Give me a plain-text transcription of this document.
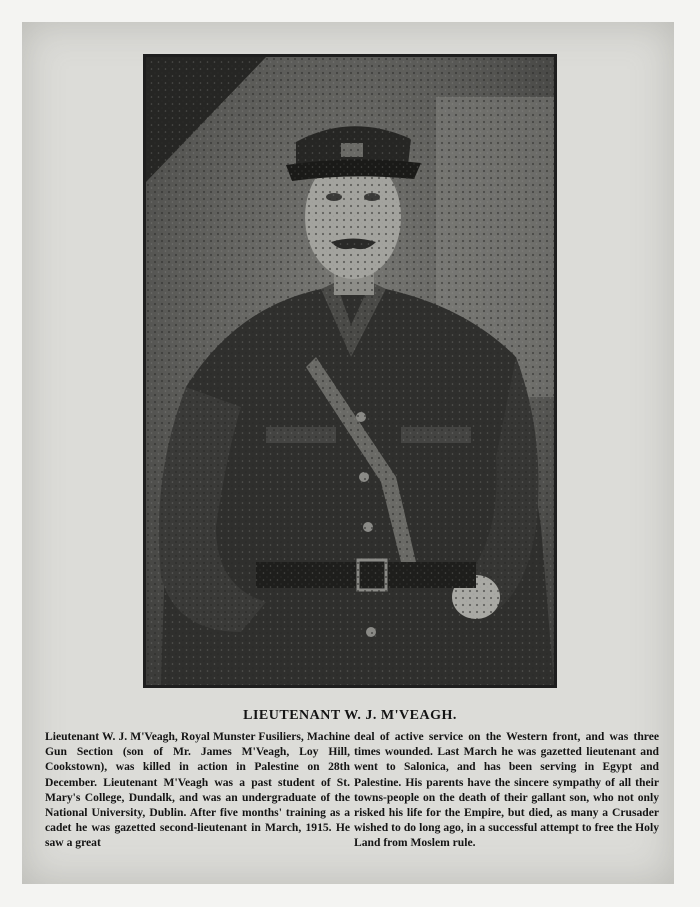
LIEUTENANT W. J. M'VEAGH.

Lieutenant W. J. M'Veagh, Royal Munster Fusiliers, Machine Gun Section (son of Mr. James M'Veagh, Loy Hill, Cookstown), was killed in action in Palestine on 28th December. Lieutenant M'Veagh was a past student of St. Mary's College, Dundalk, and was an undergraduate of the National University, Dublin. After five months' training as a cadet he was gazetted second-lieutenant in March, 1915. He saw a great

deal of active service on the Western front, and was three times wounded. Last March he was gazetted lieutenant and went to Salonica, and has been serving in Egypt and Palestine. His parents have the sincere sympathy of all their towns-people on the death of their gallant son, who not only risked his life for the Empire, but died, as many a Crusader wished to do long ago, in a successful attempt to free the Holy Land from Moslem rule.
